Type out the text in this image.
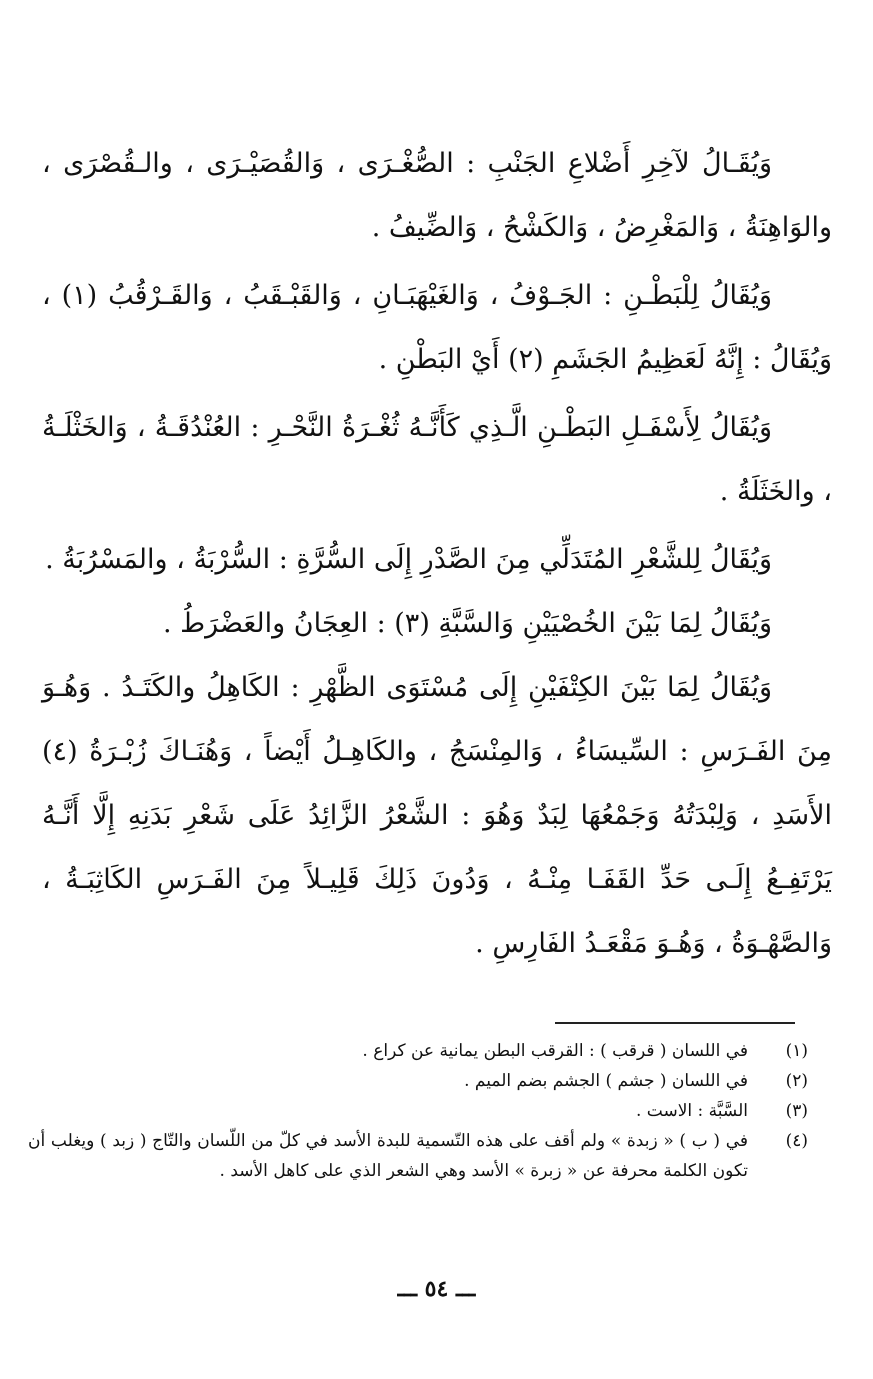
وَيُقَـالُ لآخِرِ أَضْلاعِ الجَنْبِ : الصُّغْـرَى ، وَالقُصَيْـرَى ، والـقُصْرَى ، والوَاهِنَةُ ، وَالمَغْرِضُ ، وَالكَشْحُ ، وَالضِّيفُ .

وَيُقَالُ لِلْبَطْـنِ : الجَـوْفُ ، وَالغَيْهَبَـانِ ، وَالقَبْـقَبُ ، وَالقَـرْقُبُ (١) ، وَيُقَالُ : إِنَّهُ لَعَظِيمُ الجَشَمِ (٢) أَيْ البَطْنِ .

وَيُقَالُ لِأَسْفَـلِ البَطْـنِ الَّـذِي كَأَنَّـهُ ثُغْـرَةُ النَّحْـرِ : العُنْدُقَـةُ ، وَالخَثْلَـةُ ، والخَثَلَةُ .

وَيُقَالُ لِلشَّعْرِ المُتَدَلِّي مِنَ الصَّدْرِ إِلَى السُّرَّةِ : السُّرْبَةُ ، والمَسْرُبَةُ .

وَيُقَالُ لِمَا بَيْنَ الخُصْيَيْنِ وَالسَّبَّةِ (٣) : العِجَانُ والعَضْرَطُ .

وَيُقَالُ لِمَا بَيْنَ الكِتْفَيْنِ إِلَى مُسْتَوَى الظَّهْرِ : الكَاهِلُ والكَتَـدُ . وَهُـوَ مِنَ الفَـرَسِ : السِّيسَاءُ ، وَالمِنْسَجُ ، والكَاهِـلُ أَيْضاً ، وَهُنَـاكَ زُبْـرَةُ (٤) الأَسَدِ ، وَلِبْدَتُهُ وَجَمْعُهَا لِبَدٌ وَهُوَ : الشَّعْرُ الزَّائِدُ عَلَى شَعْرِ بَدَنِهِ إِلَّا أَنَّـهُ يَرْتَفِـعُ إِلَـى حَدِّ القَفَـا مِنْـهُ ، وَدُونَ ذَلِكَ قَلِيـلاً مِنَ الفَـرَسِ الكَاثِبَـةُ ، وَالصَّهْـوَةُ ، وَهُـوَ مَقْعَـدُ الفَارِسِ .

(١)
في اللسان ( قرقب ) : القرقب البطن يمانية عن كراع .
(٢)
في اللسان ( جشم ) الجشم بضم الميم .
(٣)
السَّبَّة : الاست .
(٤)
في ( ب ) « زبدة » ولم أقف على هذه التّسمية للبدة الأسد في كلّ من اللّسان والتّاج ( زبد ) ويغلب أن تكون الكلمة محرفة عن « زبرة » الأسد وهي الشعر الذي على كاهل الأسد .
ـــ ٥٤ ـــ
